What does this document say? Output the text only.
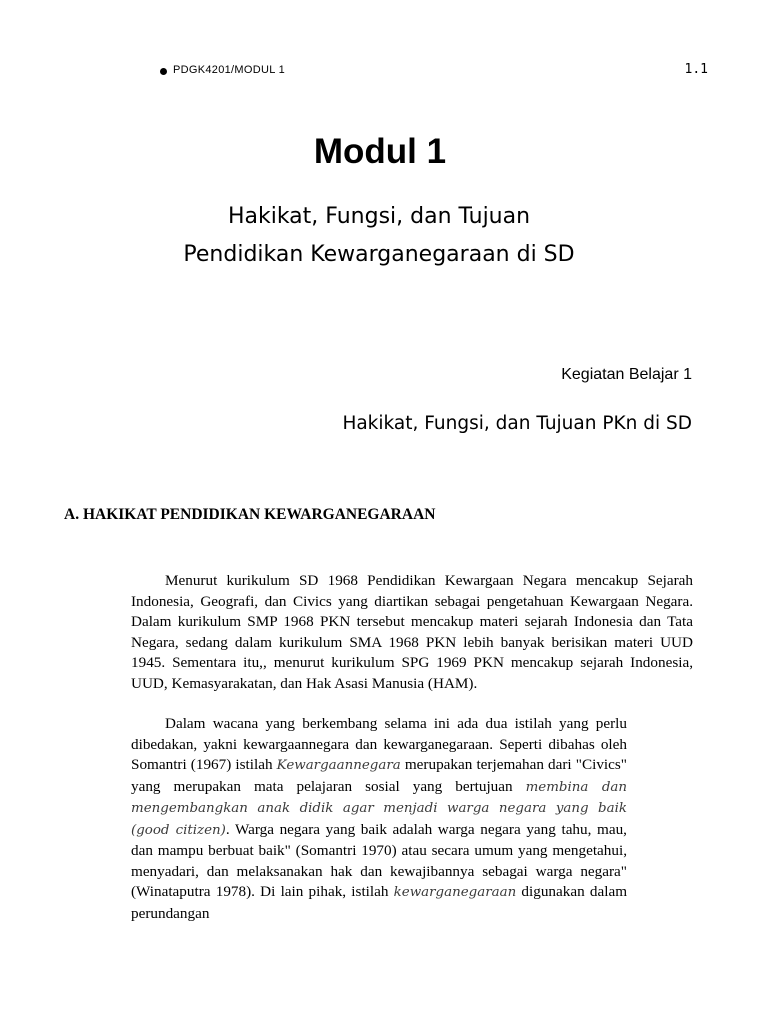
PDGK4201/MODUL 1	1.1
Modul 1
Hakikat, Fungsi, dan Tujuan
Pendidikan Kewarganegaraan di SD
Kegiatan Belajar 1
Hakikat, Fungsi, dan Tujuan PKn di SD
A. HAKIKAT PENDIDIKAN KEWARGANEGARAAN

Menurut kurikulum SD 1968 Pendidikan Kewargaan Negara mencakup Sejarah Indonesia, Geografi, dan Civics yang diartikan sebagai pengetahuan Kewargaan Negara. Dalam kurikulum SMP 1968 PKN tersebut mencakup materi sejarah Indonesia dan Tata Negara, sedang dalam kurikulum SMA 1968 PKN lebih banyak berisikan materi UUD 1945. Sementara itu,, menurut kurikulum SPG 1969 PKN mencakup sejarah Indonesia, UUD, Kemasyarakatan, dan Hak Asasi Manusia (HAM).

Dalam wacana yang berkembang selama ini ada dua istilah yang perlu dibedakan, yakni kewargaannegara dan kewarganegaraan. Seperti dibahas oleh Somantri (1967) istilah Kewargaannegara merupakan terjemahan dari "Civics" yang merupakan mata pelajaran sosial yang bertujuan membina dan mengembangkan anak didik agar menjadi warga negara yang baik (good citizen). Warga negara yang baik adalah warga negara yang tahu, mau, dan mampu berbuat baik" (Somantri 1970) atau secara umum yang mengetahui, menyadari, dan melaksanakan hak dan kewajibannya sebagai warga negara" (Winataputra 1978). Di lain pihak, istilah kewarganegaraan digunakan dalam perundangan
